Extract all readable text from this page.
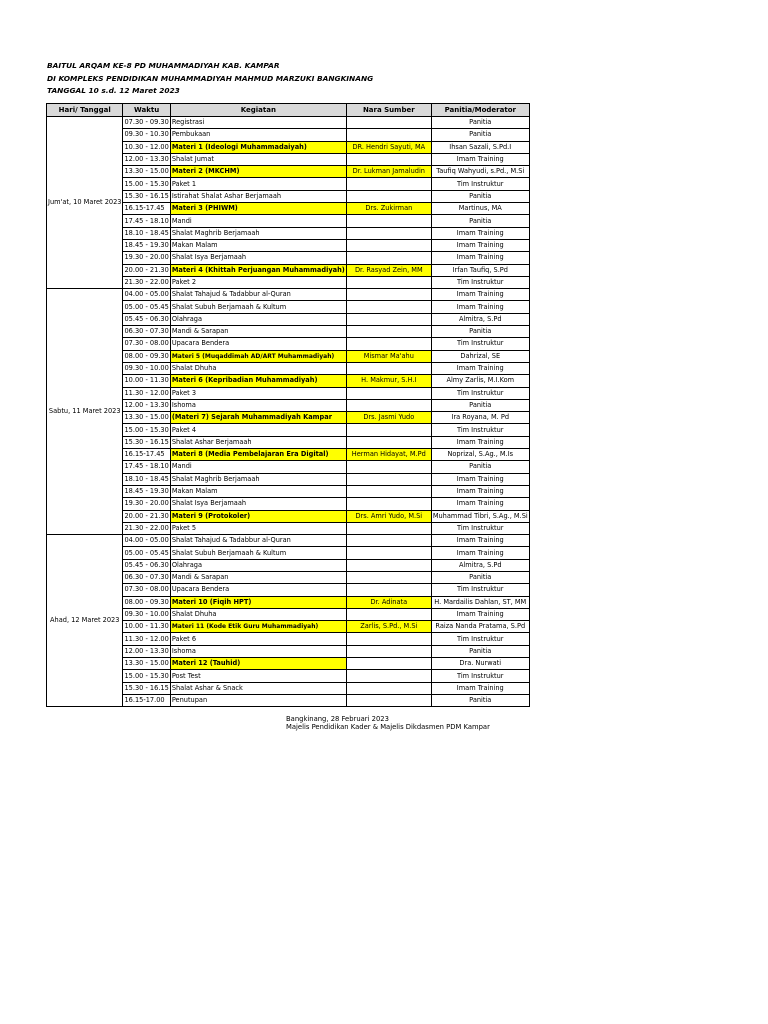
BAITUL ARQAM KE-8 PD MUHAMMADIYAH KAB. KAMPAR
DI KOMPLEKS PENDIDIKAN MUHAMMADIYAH MAHMUD MARZUKI BANGKINANG
TANGGAL 10 s.d. 12 Maret 2023
Hari/ Tanggal	Waktu	Kegiatan	Nara Sumber	Panitia/Moderator
Jum'at, 10 Maret 2023	07.30 - 09.30	Registrasi		Panitia
	09.30 - 10.30	Pembukaan		Panitia
	10.30 - 12.00	Materi 1 (Ideologi Muhammadaiyah)	DR. Hendri Sayuti, MA	Ihsan Sazali, S.Pd.I
	12.00 - 13.30	Shalat Jumat		Imam Training
	13.30 - 15.00	Materi 2 (MKCHM)	Dr. Lukman Jamaludin	Taufiq Wahyudi, s.Pd., M.Si
	15.00 - 15.30	Paket 1		Tim Instruktur
	15.30 - 16.15	Istirahat Shalat Ashar Berjamaah		Panitia
	16.15-17.45	Materi 3 (PHIWM)	Drs. Zukirman	Martinus, MA
	17.45 - 18.10	Mandi		Panitia
	18.10 - 18.45	Shalat Maghrib Berjamaah		Imam Training
	18.45 - 19.30	Makan Malam		Imam Training
	19.30 - 20.00	Shalat Isya Berjamaah		Imam Training
	20.00 - 21.30	Materi 4 (Khittah Perjuangan Muhammadiyah)	Dr. Rasyad Zein, MM	Irfan Taufiq, S.Pd
	21.30 - 22.00	Paket 2		Tim Instruktur
Sabtu, 11 Maret 2023	04.00 - 05.00	Shalat Tahajud & Tadabbur al-Quran		Imam Training
	05.00 - 05.45	Shalat Subuh Berjamaah & Kultum		Imam Training
	05.45 - 06.30	Olahraga		Almitra, S.Pd
	06.30 - 07.30	Mandi & Sarapan		Panitia
	07.30 - 08.00	Upacara Bendera		Tim Instruktur
	08.00 - 09.30	Materi 5 (Muqaddimah AD/ART Muhammadiyah)	Mismar Ma'ahu	Dahrizal, SE
	09.30 - 10.00	Shalat Dhuha		Imam Training
	10.00 - 11.30	Materi 6 (Kepribadian Muhammadiyah)	H. Makmur, S.H.I	Almy Zarlis, M.I.Kom
	11.30 - 12.00	Paket 3		Tim Instruktur
	12.00 - 13.30	Ishoma		Panitia
	13.30 - 15.00	(Materi 7) Sejarah Muhammadiyah Kampar	Drs. Jasmi Yudo	Ira Royana, M. Pd
	15.00 - 15.30	Paket 4		Tim Instruktur
	15.30 - 16.15	Shalat Ashar Berjamaah		Imam Training
	16.15-17.45	Materi 8 (Media Pembelajaran Era Digital)	Herman Hidayat, M.Pd	Noprizal, S.Ag., M.Is
	17.45 - 18.10	Mandi		Panitia
	18.10 - 18.45	Shalat Maghrib Berjamaah		Imam Training
	18.45 - 19.30	Makan Malam		Imam Training
	19.30 - 20.00	Shalat Isya Berjamaah		Imam Training
	20.00 - 21.30	Materi 9 (Protokoler)	Drs. Amri Yudo, M.Si	Muhammad Tibri, S.Ag., M.Si
	21.30 - 22.00	Paket 5		Tim Instruktur
Ahad, 12 Maret 2023	04.00 - 05.00	Shalat Tahajud & Tadabbur al-Quran		Imam Training
	05.00 - 05.45	Shalat Subuh Berjamaah & Kultum		Imam Training
	05.45 - 06.30	Olahraga		Almitra, S.Pd
	06.30 - 07.30	Mandi & Sarapan		Panitia
	07.30 - 08.00	Upacara Bendera		Tim Instruktur
	08.00 - 09.30	Materi 10 (Fiqih HPT)	Dr. Adinata	H. Mardailis Dahlan, ST, MM
	09.30 - 10.00	Shalat Dhuha		Imam Training
	10.00 - 11.30	Materi 11 (Kode Etik Guru Muhammadiyah)	Zarlis, S.Pd., M.Si	Raiza Nanda Pratama, S.Pd
	11.30 - 12.00	Paket 6		Tim Instruktur
	12.00 - 13.30	Ishoma		Panitia
	13.30 - 15.00	Materi 12 (Tauhid)		Dra. Nurwati
	15.00 - 15.30	Post Test		Tim Instruktur
	15.30 - 16.15	Shalat Ashar & Snack		Imam Training
	16.15-17.00	Penutupan		Panitia
Bangkinang, 28 Februari 2023
Majelis Pendidikan Kader & Majelis Dikdasmen PDM Kampar
